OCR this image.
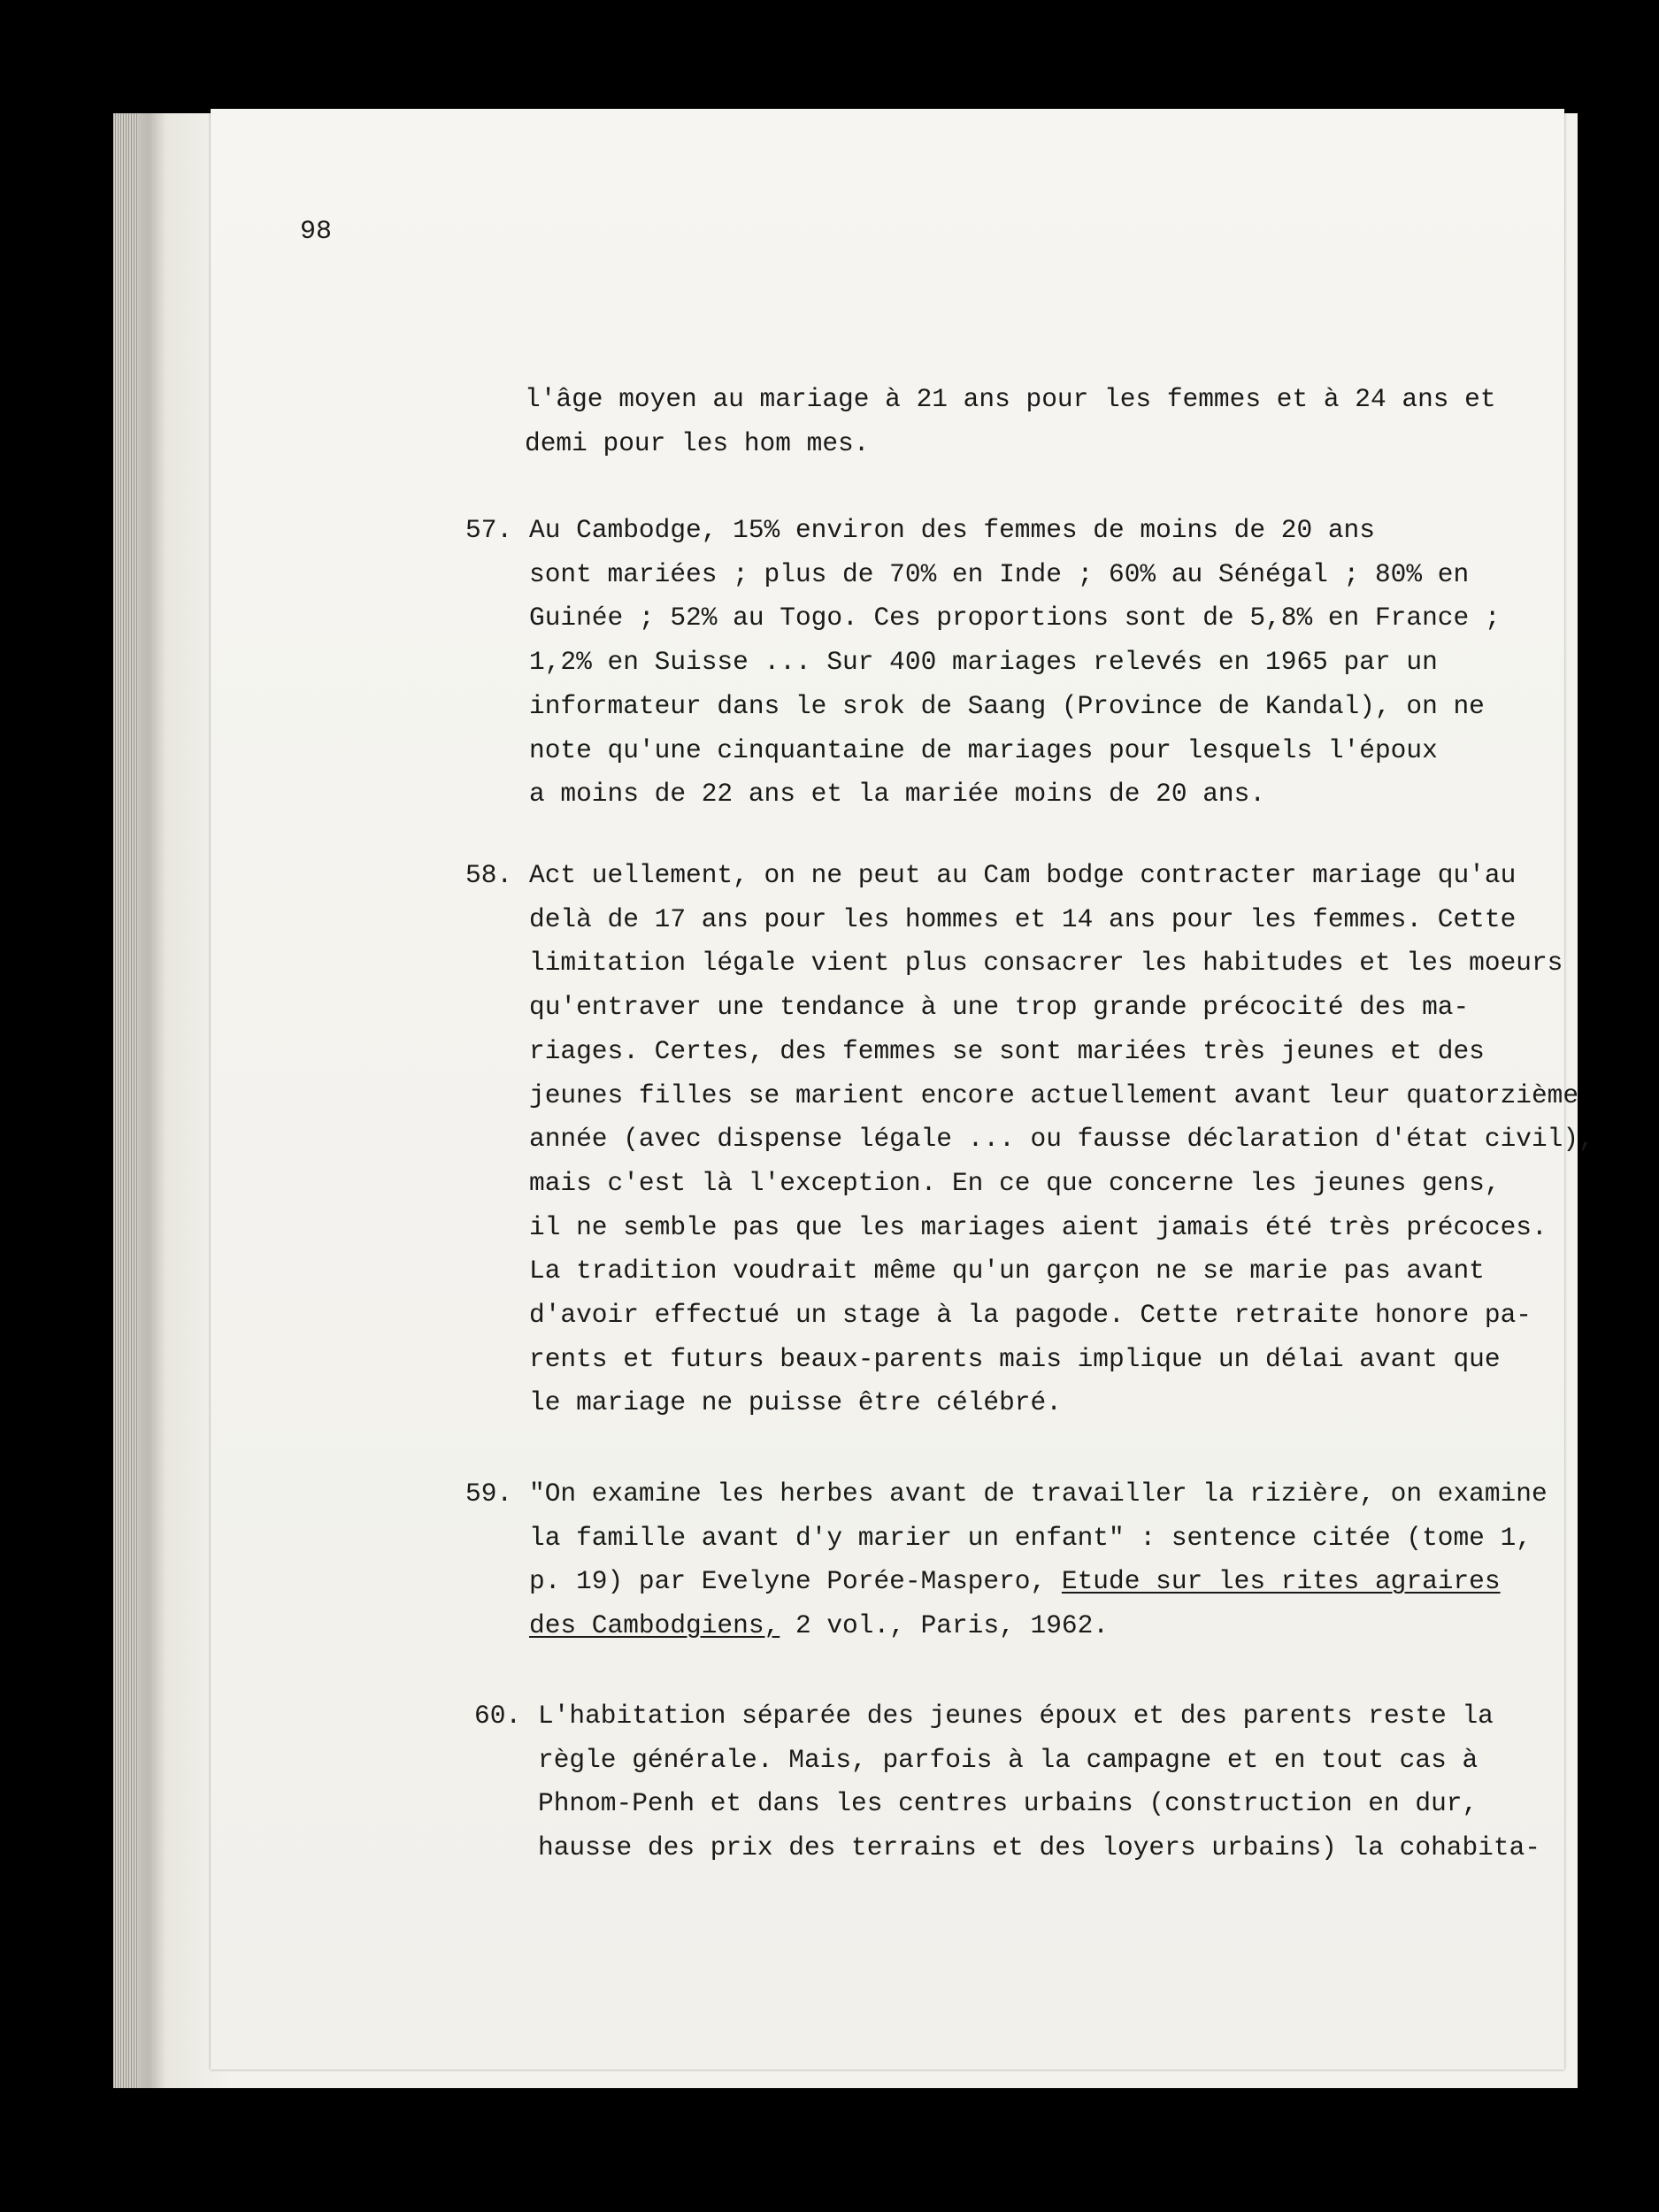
98
l'âge moyen au mariage à 21 ans pour les femmes et à 24 ans et
demi pour les hom mes.
57. Au Cambodge, 15% environ des femmes de moins de 20 ans
sont mariées ; plus de 70% en Inde ; 60% au Sénégal ; 80% en
Guinée ; 52% au Togo. Ces proportions sont de 5,8% en France ;
1,2% en Suisse ... Sur 400 mariages relevés en 1965 par un
informateur dans le srok de Saang (Province de Kandal), on ne
note qu'une cinquantaine de mariages pour lesquels l'époux
a moins de 22 ans et la mariée moins de 20 ans.
58. Act uellement, on ne peut au Cam bodge contracter mariage qu'au
delà de 17 ans pour les hommes et 14 ans pour les femmes. Cette
limitation légale vient plus consacrer les habitudes et les moeurs
qu'entraver une tendance à une trop grande précocité des ma-
riages. Certes, des femmes se sont mariées très jeunes et des
jeunes filles se marient encore actuellement avant leur quatorzième
année (avec dispense légale ... ou fausse déclaration d'état civil),
mais c'est là l'exception. En ce que concerne les jeunes gens,
il ne semble pas que les mariages aient jamais été très précoces.
La tradition voudrait même qu'un garçon ne se marie pas avant
d'avoir effectué un stage à la pagode. Cette retraite honore pa-
rents et futurs beaux-parents mais implique un délai avant que
le mariage ne puisse être célébré.
59. "On examine les herbes avant de travailler la rizière, on examine
la famille avant d'y marier un enfant" : sentence citée (tome 1,
p. 19) par Evelyne Porée-Maspero, Etude sur les rites agraires
des Cambodgiens, 2 vol., Paris, 1962.
60. L'habitation séparée des jeunes époux et des parents reste la
règle générale. Mais, parfois à la campagne et en tout cas à
Phnom-Penh et dans les centres urbains (construction en dur,
hausse des prix des terrains et des loyers urbains) la cohabita-
